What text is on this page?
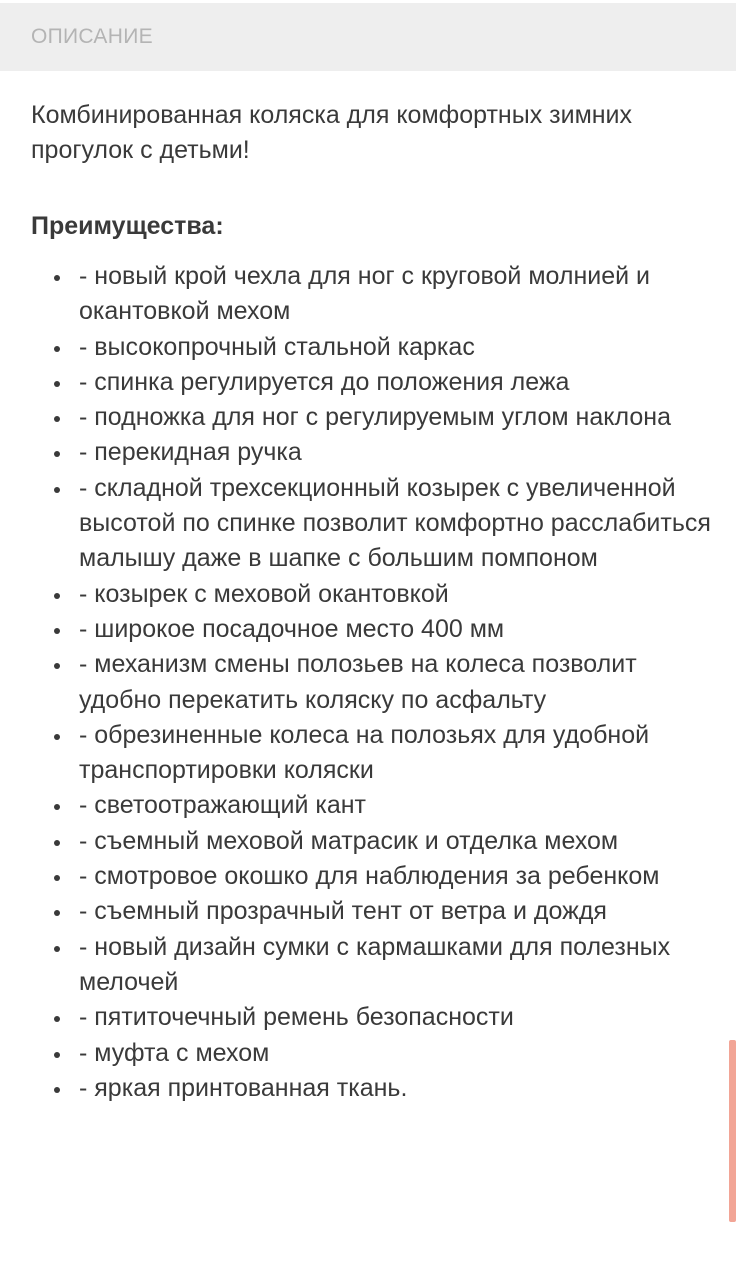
ОПИСАНИЕ

Комбинированная коляска для комфортных зимних прогулок с детьми!

Преимущества:

- новый крой чехла для ног с круговой молнией и окантовкой мехом
- высокопрочный стальной каркас
- спинка регулируется до положения лежа
- подножка для ног с регулируемым углом наклона
- перекидная ручка
- складной трехсекционный козырек с увеличенной высотой по спинке позволит комфортно расслабиться малышу даже в шапке с большим помпоном
- козырек с меховой окантовкой
- широкое посадочное место 400 мм
- механизм смены полозьев на колеса позволит удобно перекатить коляску по асфальту
- обрезиненные колеса на полозьях для удобной транспортировки коляски
- светоотражающий кант
- съемный меховой матрасик и отделка мехом
- смотровое окошко для наблюдения за ребенком
- съемный прозрачный тент от ветра и дождя
- новый дизайн сумки с кармашками для полезных мелочей
- пятиточечный ремень безопасности
- муфта с мехом
- яркая принтованная ткань.
